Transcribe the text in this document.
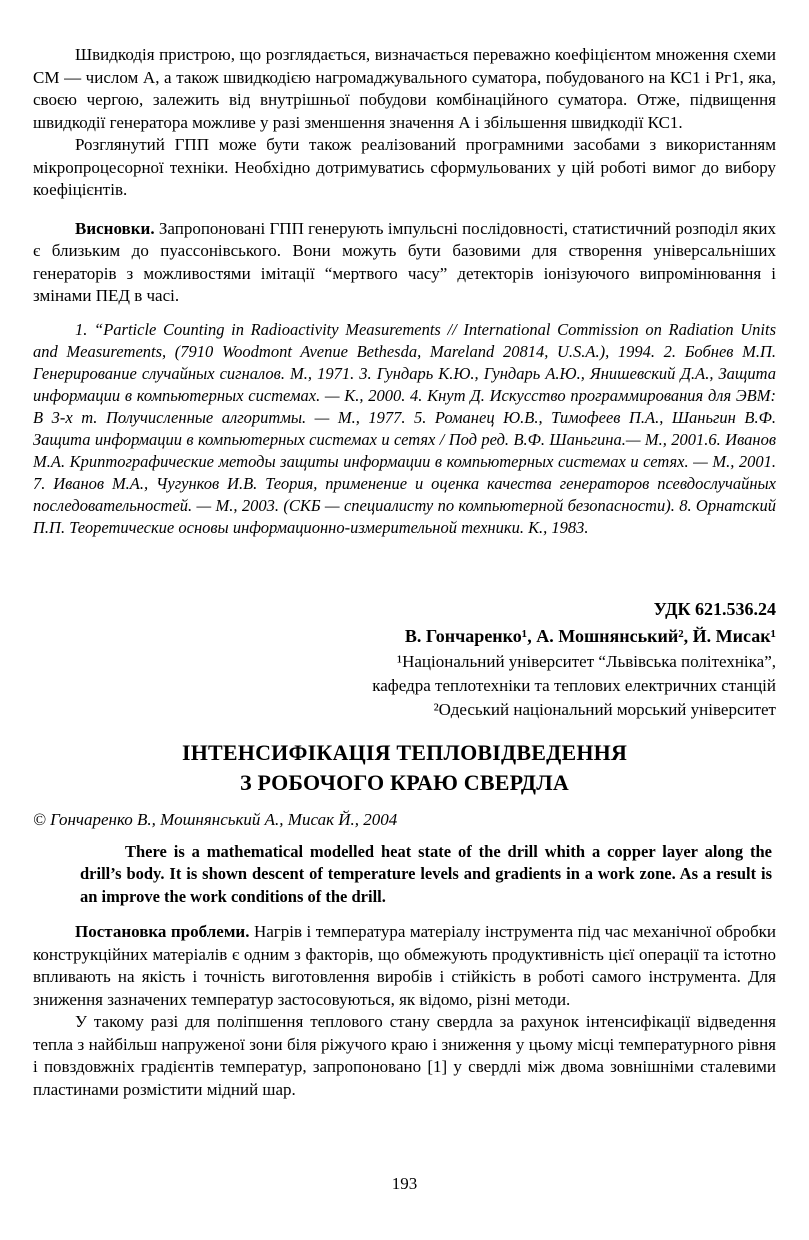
Швидкодія пристрою, що розглядається, визначається переважно коефіцієнтом множення схеми СМ — числом А, а також швидкодією нагромаджувального суматора, побудованого на КС1 і Рг1, яка, своєю чергою, залежить від внутрішньої побудови комбінаційного суматора. Отже, підвищення швидкодії генератора можливе у разі зменшення значення А і збільшення швидкодії КС1.

Розглянутий ГПП може бути також реалізований програмними засобами з використанням мікропроцесорної техніки. Необхідно дотримуватись сформульованих у цій роботі вимог до вибору коефіцієнтів.

Висновки. Запропоновані ГПП генерують імпульсні послідовності, статистичний розподіл яких є близьким до пуассонівського. Вони можуть бути базовими для створення універсальніших генераторів з можливостями імітації “мертвого часу” детекторів іонізуючого випромінювання і змінами ПЕД в часі.

1. “Particle Counting in Radioactivity Measurements // International Commission on Radiation Units and Measurements, (7910 Woodmont Avenue Bethesda, Mareland 20814, U.S.A.), 1994. 2. Бобнев М.П. Генерирование случайных сигналов. М., 1971. 3. Гундарь К.Ю., Гундарь А.Ю., Янишевский Д.А., Защита информации в компьютерных системах. — К., 2000. 4. Кнут Д. Искусство программирования для ЭВМ: В 3-х т. Получисленные алгоритмы. — М., 1977. 5. Романец Ю.В., Тимофеев П.А., Шаньгин В.Ф. Защита информации в компьютерных системах и сетях / Под ред. В.Ф. Шаньгина.— М., 2001.6. Иванов М.А. Криптографические методы защиты информации в компьютерных системах и сетях. — М., 2001. 7. Иванов М.А., Чугунков И.В. Теория, применение и оценка качества генераторов псевдослучайных последовательностей. — М., 2003. (СКБ — специалисту по компьютерной безопасности). 8. Орнатский П.П. Теоретические основы информационно-измерительной техники. К., 1983.

УДК 621.536.24
В. Гончаренко¹, А. Мошнянський², Й. Мисак¹
¹Національний університет “Львівська політехніка”,
кафедра теплотехніки та теплових електричних станцій
²Одеський національний морський університет
ІНТЕНСИФІКАЦІЯ ТЕПЛОВІДВЕДЕННЯ
З РОБОЧОГО КРАЮ СВЕРДЛА

© Гончаренко В., Мошнянський А., Мисак Й., 2004

There is a mathematical modelled heat state of the drill whith a copper layer along the drill’s body. It is shown descent of temperature levels and gradients in a work zone. As a result is an improve the work conditions of the drill.

Постановка проблеми. Нагрів і температура матеріалу інструмента під час механічної обробки конструкційних матеріалів є одним з факторів, що обмежують продуктивність цієї операції та істотно впливають на якість і точність виготовлення виробів і стійкість в роботі самого інструмента. Для зниження зазначених температур застосовуються, як відомо, різні методи.

У такому разі для поліпшення теплового стану свердла за рахунок інтенсифікації відведення тепла з найбільш напруженої зони біля ріжучого краю і зниження у цьому місці температурного рівня і повздовжніх градієнтів температур, запропоновано [1] у свердлі між двома зовнішніми сталевими пластинами розмістити мідний шар.

193
